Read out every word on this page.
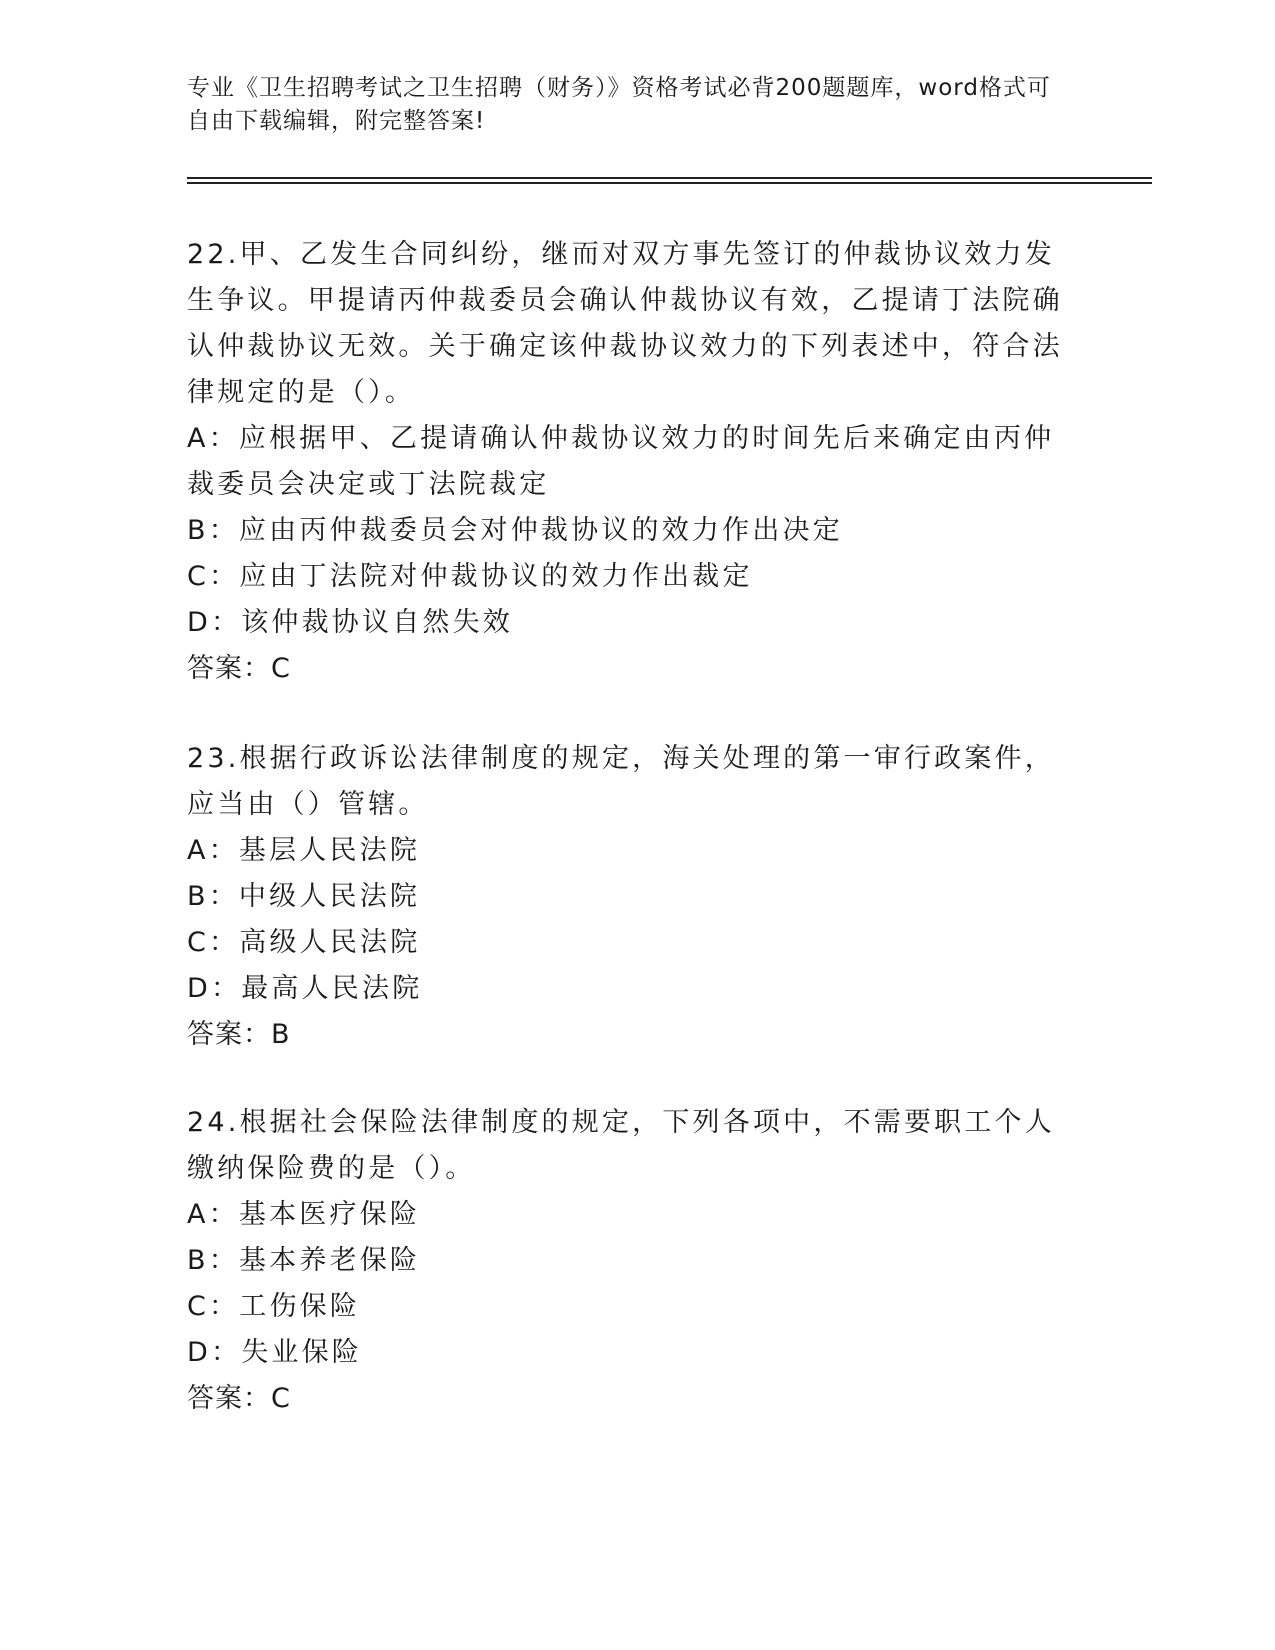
专业《卫生招聘考试之卫生招聘（财务）》资格考试必背200题题库，word格式可自由下载编辑，附完整答案!

22.甲、乙发生合同纠纷，继而对双方事先签订的仲裁协议效力发生争议。甲提请丙仲裁委员会确认仲裁协议有效，乙提请丁法院确认仲裁协议无效。关于确定该仲裁协议效力的下列表述中，符合法律规定的是（）。

A：应根据甲、乙提请确认仲裁协议效力的时间先后来确定由丙仲裁委员会决定或丁法院裁定

B：应由丙仲裁委员会对仲裁协议的效力作出决定

C：应由丁法院对仲裁协议的效力作出裁定

D：该仲裁协议自然失效

答案：C

23.根据行政诉讼法律制度的规定，海关处理的第一审行政案件，应当由（）管辖。

A：基层人民法院

B：中级人民法院

C：高级人民法院

D：最高人民法院

答案：B

24.根据社会保险法律制度的规定，下列各项中，不需要职工个人缴纳保险费的是（）。

A：基本医疗保险

B：基本养老保险

C：工伤保险

D：失业保险

答案：C
